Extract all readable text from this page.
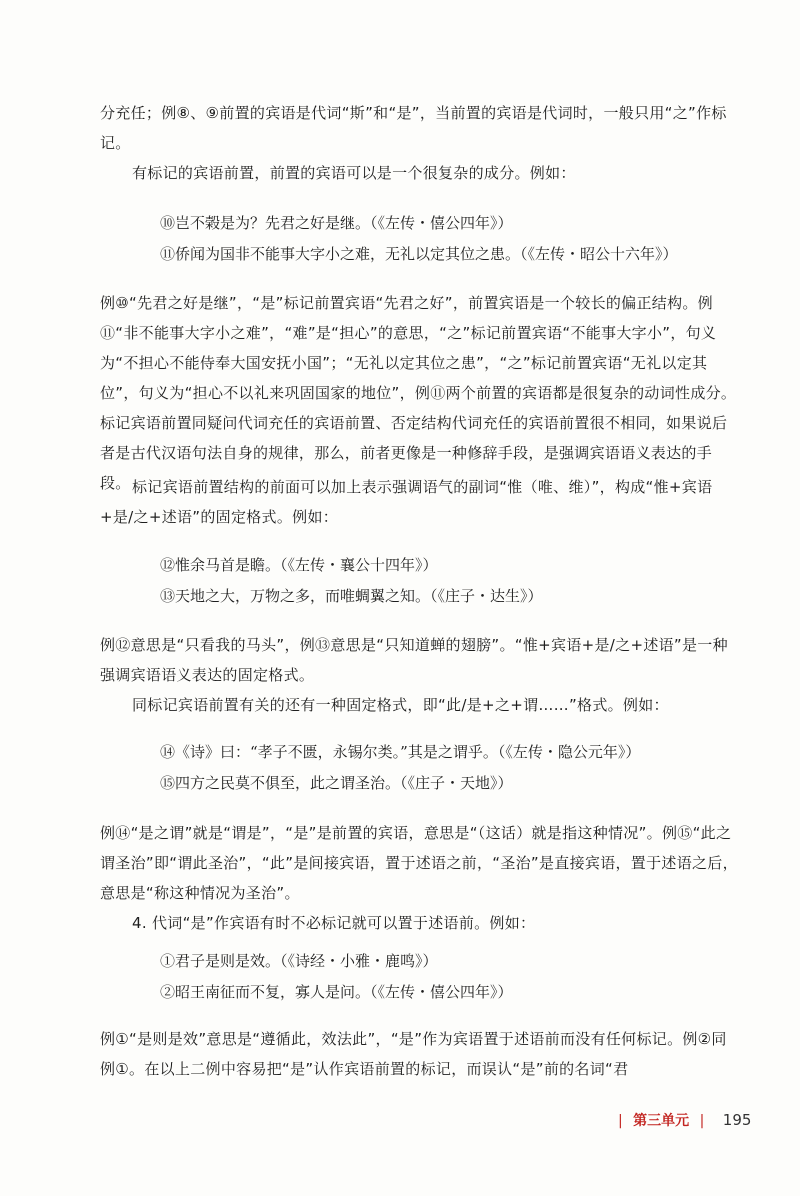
分充任；例⑧、⑨前置的宾语是代词“斯”和“是”，当前置的宾语是代词时，一般只用“之”作标记。

有标记的宾语前置，前置的宾语可以是一个很复杂的成分。例如：

⑩岂不榖是为？先君之好是继。（《左传・僖公四年》）
⑪侨闻为国非不能事大字小之难，无礼以定其位之患。（《左传・昭公十六年》）

例⑩“先君之好是继”，“是”标记前置宾语“先君之好”，前置宾语是一个较长的偏正结构。例⑪“非不能事大字小之难”，“难”是“担心”的意思，“之”标记前置宾语“不能事大字小”，句义为“不担心不能侍奉大国安抚小国”；“无礼以定其位之患”，“之”标记前置宾语“无礼以定其位”，句义为“担心不以礼来巩固国家的地位”，例⑪两个前置的宾语都是很复杂的动词性成分。标记宾语前置同疑问代词充任的宾语前置、否定结构代词充任的宾语前置很不相同，如果说后者是古代汉语句法自身的规律，那么，前者更像是一种修辞手段，是强调宾语语义表达的手段。 标记宾语前置结构的前面可以加上表示强调语气的副词“惟（唯、维）”，构成“惟+宾语+是/之+述语”的固定格式。例如：

⑫惟余马首是瞻。（《左传・襄公十四年》）
⑬天地之大，万物之多，而唯蜩翼之知。（《庄子・达生》）

例⑫意思是“只看我的马头”，例⑬意思是“只知道蝉的翅膀”。“惟+宾语+是/之+述语”是一种强调宾语语义表达的固定格式。

同标记宾语前置有关的还有一种固定格式，即“此/是+之+谓……”格式。例如：

⑭《诗》曰：“孝子不匮，永锡尔类。”其是之谓乎。（《左传・隐公元年》）
⑮四方之民莫不俱至，此之谓圣治。（《庄子・天地》）

例⑭“是之谓”就是“谓是”，“是”是前置的宾语，意思是“（这话）就是指这种情况”。例⑮“此之谓圣治”即“谓此圣治”，“此”是间接宾语，置于述语之前，“圣治”是直接宾语，置于述语之后，意思是“称这种情况为圣治”。

4. 代词“是”作宾语有时不必标记就可以置于述语前。例如：

①君子是则是效。（《诗经・小雅・鹿鸣》）
②昭王南征而不复，寡人是问。（《左传・僖公四年》）

例①“是则是效”意思是“遵循此，效法此”，“是”作为宾语置于述语前而没有任何标记。例②同例①。在以上二例中容易把“是”认作宾语前置的标记，而误认“是”前的名词“君

| 第三单元 | 195
